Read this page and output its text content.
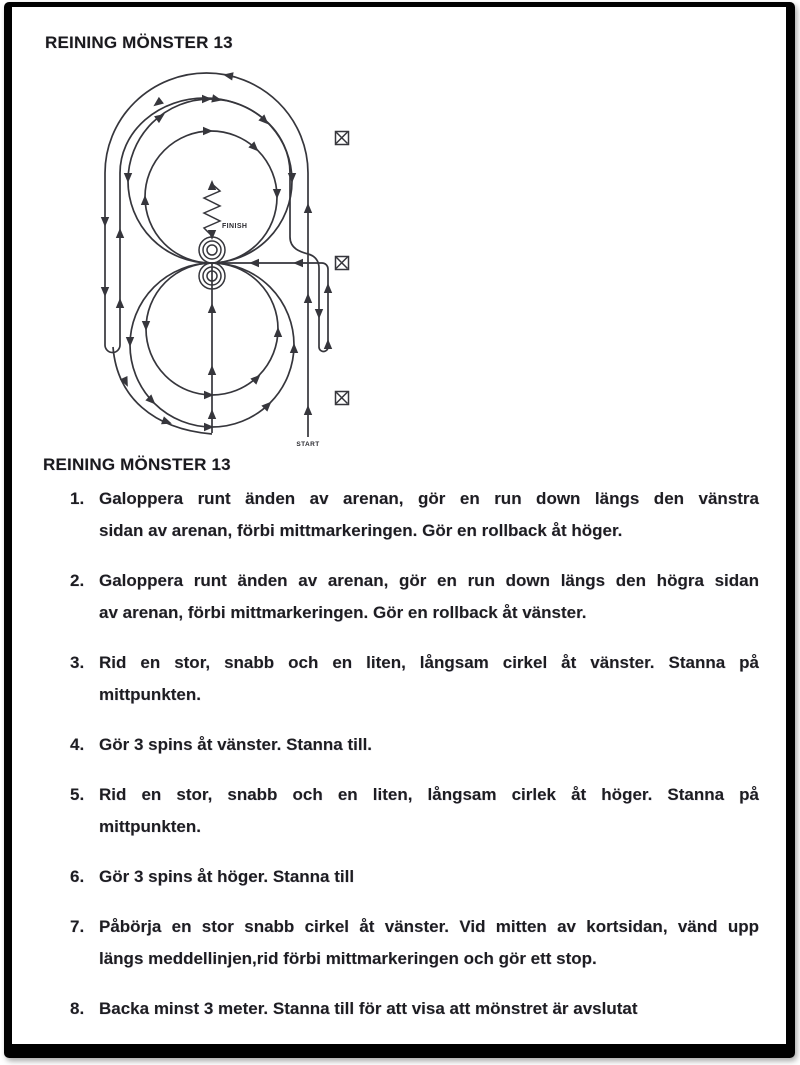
REINING MÖNSTER 13
FINISH
START
REINING MÖNSTER 13
1. Galoppera runt änden av arenan, gör en run down längs den vänstra

sidan av arenan, förbi mittmarkeringen. Gör en rollback åt höger.

2. Galoppera runt änden av arenan, gör en run down längs den högra sidan

av arenan, förbi mittmarkeringen. Gör en rollback åt vänster.

3. Rid en stor, snabb och en liten, långsam cirkel åt vänster. Stanna på

mittpunkten.

4. Gör 3 spins åt vänster. Stanna till.

5. Rid en stor, snabb och en liten, långsam cirlek åt höger. Stanna på

mittpunkten.

6. Gör 3 spins åt höger. Stanna till

7. Påbörja en stor snabb cirkel åt vänster. Vid mitten av kortsidan, vänd upp

längs meddellinjen,rid förbi mittmarkeringen och gör ett stop.

8. Backa minst 3 meter. Stanna till för att visa att mönstret är avslutat
